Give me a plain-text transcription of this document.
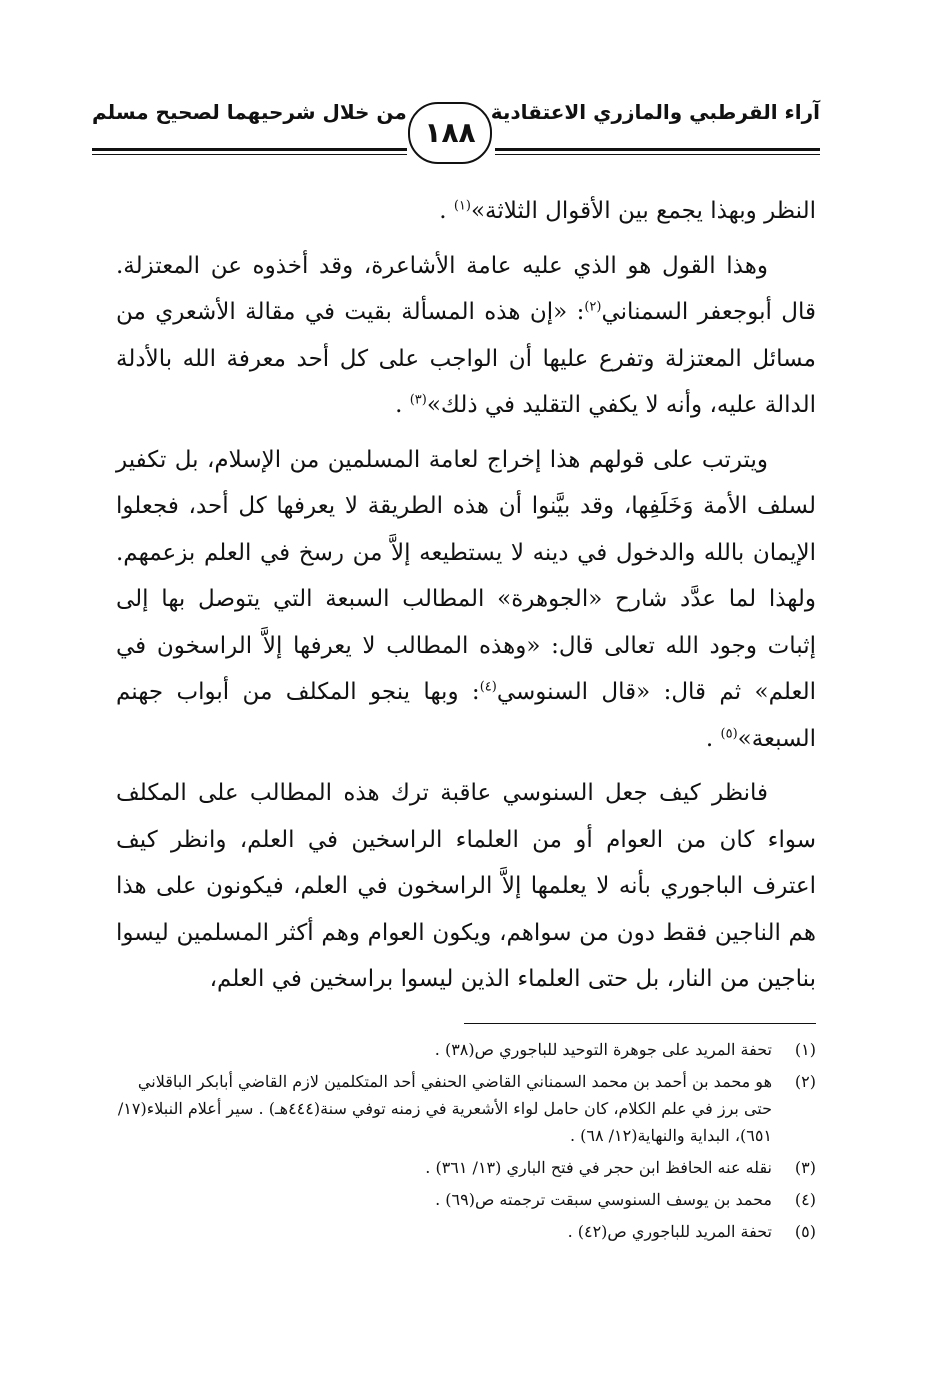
آراء القرطبي والمازري الاعتقادية
من خلال شرحيهما لصحيح مسلم
١٨٨

النظر وبهذا يجمع بين الأقوال الثلاثة»$^{(١)}$ .

وهذا القول هو الذي عليه عامة الأشاعرة، وقد أخذوه عن المعتزلة. قال أبوجعفر السمناني$^{(٢)}$: «إن هذه المسألة بقيت في مقالة الأشعري من مسائل المعتزلة وتفرع عليها أن الواجب على كل أحد معرفة الله بالأدلة الدالة عليه، وأنه لا يكفي التقليد في ذلك»$^{(٣)}$ .

ويترتب على قولهم هذا إخراج لعامة المسلمين من الإسلام، بل تكفير لسلف الأمة وَخَلَفِها، وقد بيَّنوا أن هذه الطريقة لا يعرفها كل أحد، فجعلوا الإيمان بالله والدخول في دينه لا يستطيعه إلاَّ من رسخ في العلم بزعمهم. ولهذا لما عدَّد شارح «الجوهرة» المطالب السبعة التي يتوصل بها إلى إثبات وجود الله تعالى قال: «وهذه المطالب لا يعرفها إلاَّ الراسخون في العلم» ثم قال: «قال السنوسي$^{(٤)}$: وبها ينجو المكلف من أبواب جهنم السبعة»$^{(٥)}$ .

فانظر كيف جعل السنوسي عاقبة ترك هذه المطالب على المكلف سواء كان من العوام أو من العلماء الراسخين في العلم، وانظر كيف اعترف الباجوري بأنه لا يعلمها إلاَّ الراسخون في العلم، فيكونون على هذا هم الناجين فقط دون من سواهم، ويكون العوام وهم أكثر المسلمين ليسوا بناجين من النار، بل حتى العلماء الذين ليسوا براسخين في العلم،

(١)
تحفة المريد على جوهرة التوحيد للباجوري ص(٣٨) .
(٢)
هو محمد بن أحمد بن محمد السمناني القاضي الحنفي أحد المتكلمين لازم القاضي أبابكر الباقلاني حتى برز في علم الكلام، كان حامل لواء الأشعرية في زمنه توفي سنة(٤٤٤هـ) . سير أعلام النبلاء(١٧/ ٦٥١)، البداية والنهاية(١٢/ ٦٨) .
(٣)
نقله عنه الحافظ ابن حجر في فتح الباري (١٣/ ٣٦١) .
(٤)
محمد بن يوسف السنوسي سبقت ترجمته ص(٦٩) .
(٥)
تحفة المريد للباجوري ص(٤٢) .
